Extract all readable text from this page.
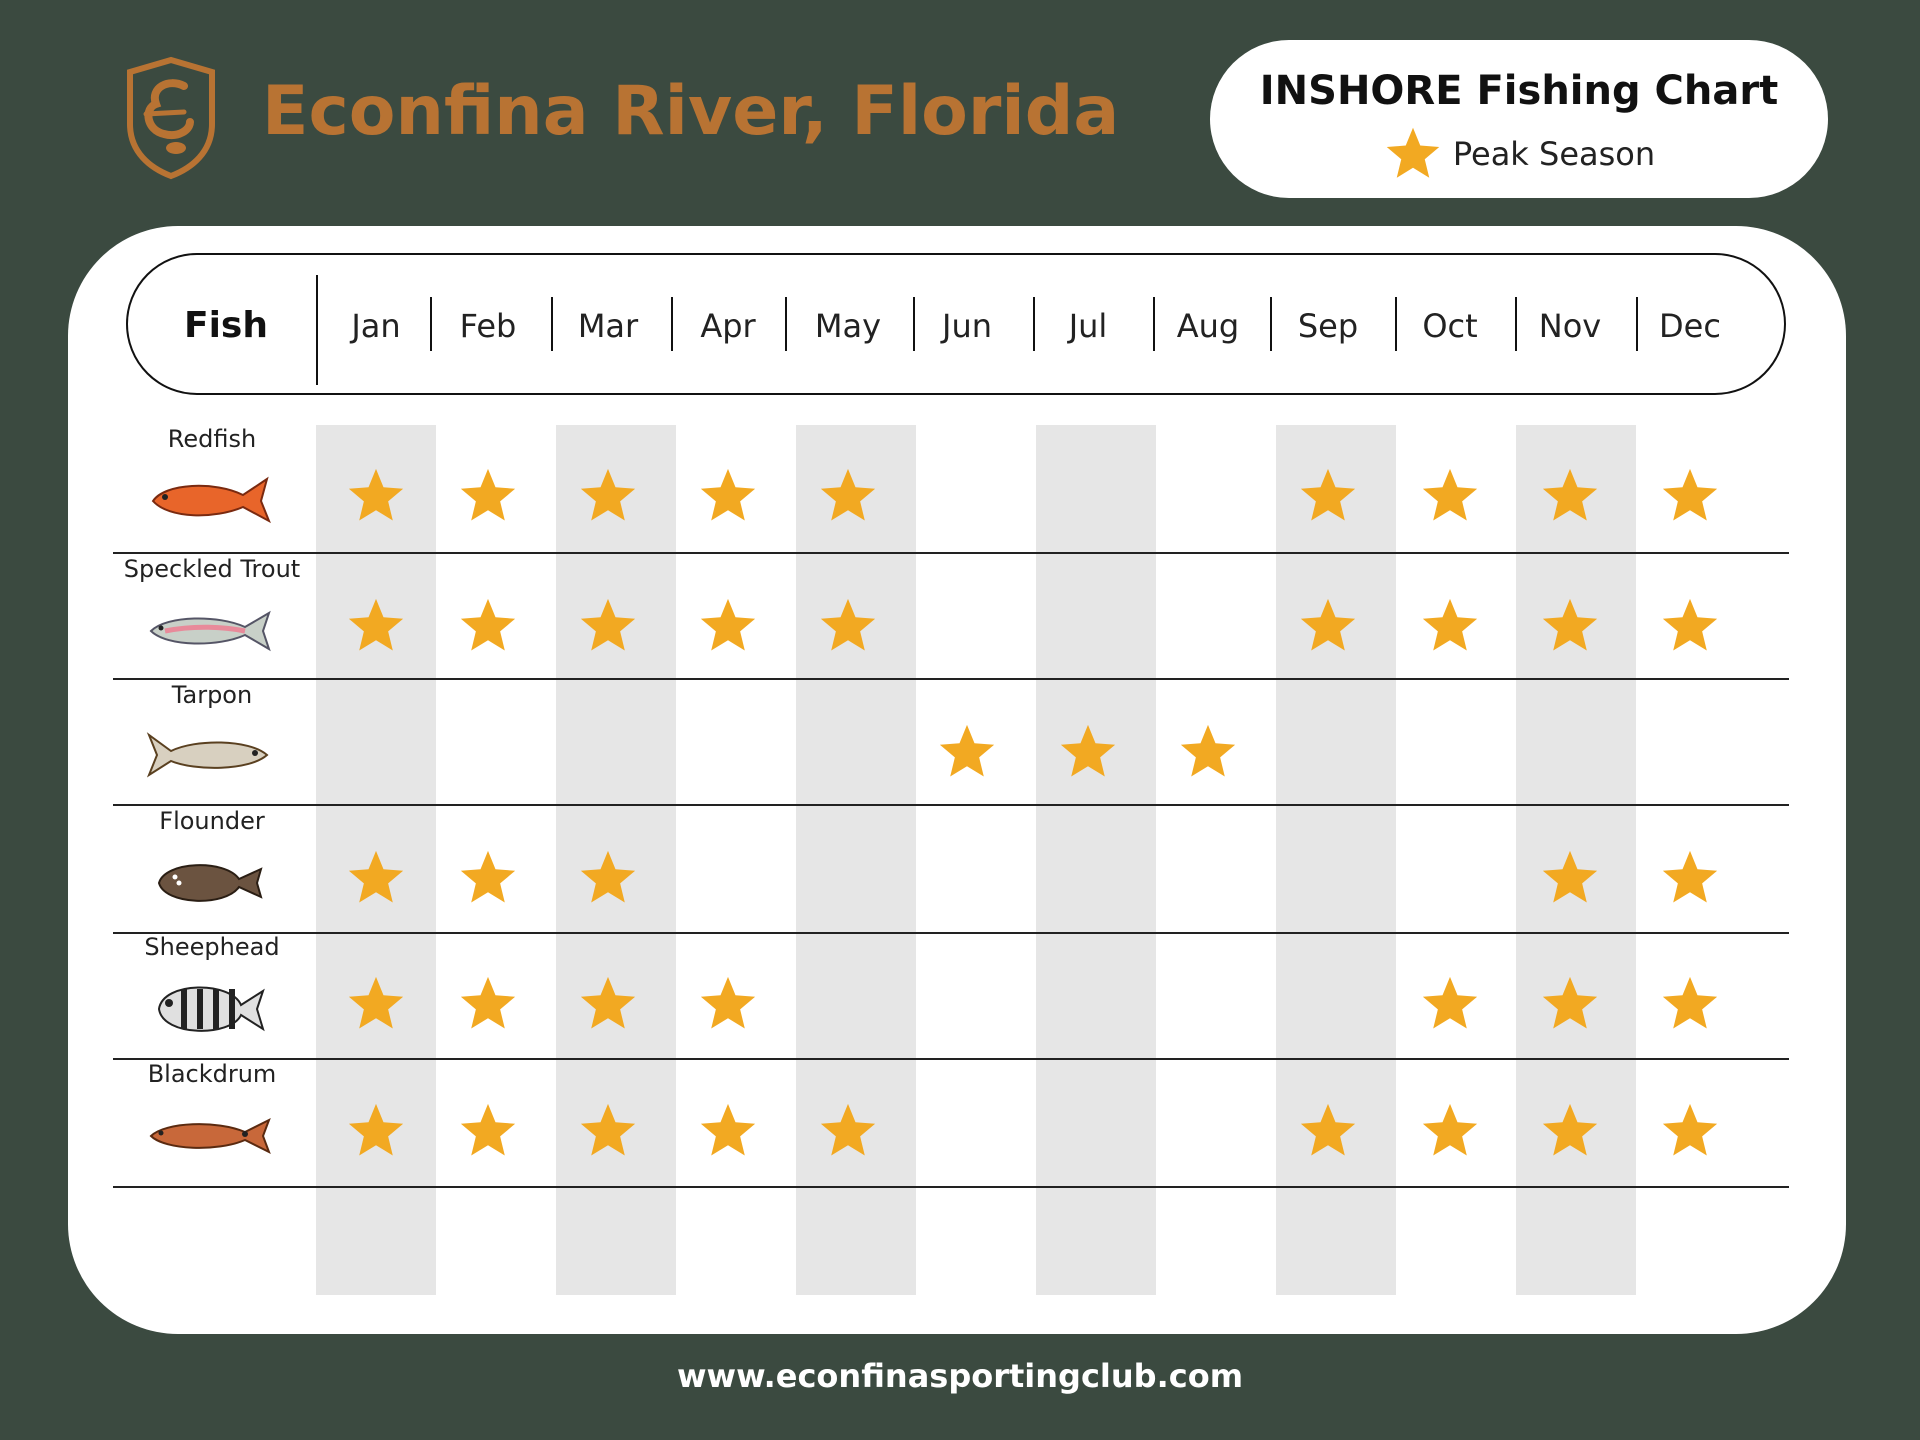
Econfina River, Florida	INSHORE Fishing Chart
Peak Season
Fish	Jan Feb Mar Apr May Jun Jul Aug Sep Oct Nov Dec
Redfish
Speckled Trout
Tarpon
Flounder
Sheephead
Blackdrum
www.econfinasportingclub.com
